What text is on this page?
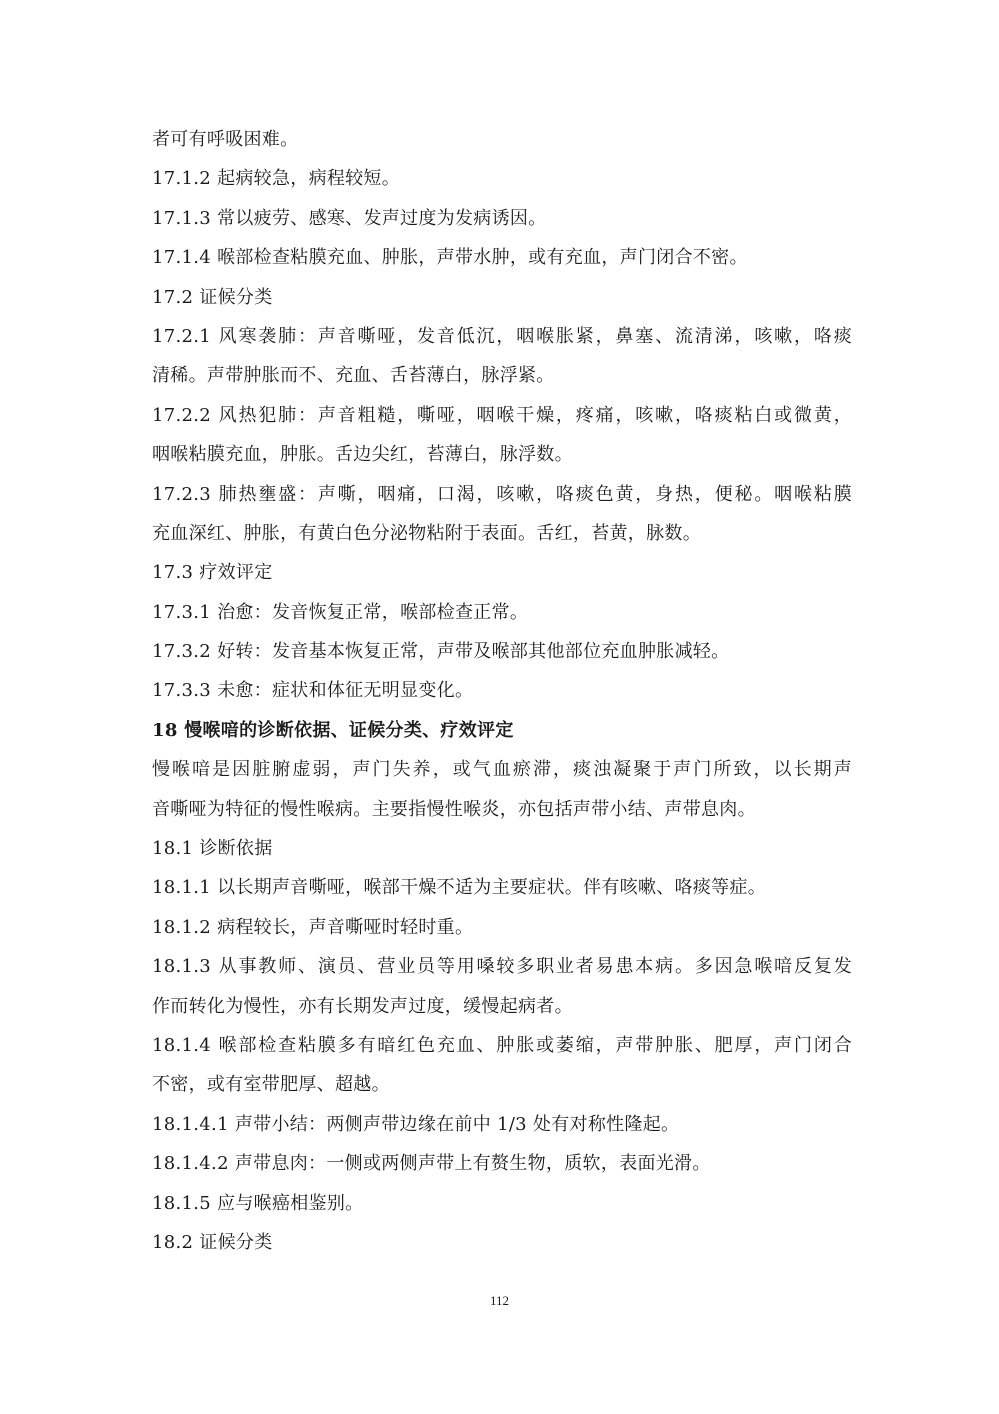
者可有呼吸困难。
17.1.2 起病较急，病程较短。
17.1.3 常以疲劳、感寒、发声过度为发病诱因。
17.1.4 喉部检查粘膜充血、肿胀，声带水肿，或有充血，声门闭合不密。
17.2 证候分类
17.2.1 风寒袭肺：声音嘶哑，发音低沉，咽喉胀紧，鼻塞、流清涕，咳嗽，咯痰
清稀。声带肿胀而不、充血、舌苔薄白，脉浮紧。
17.2.2 风热犯肺：声音粗糙，嘶哑，咽喉干燥，疼痛，咳嗽，咯痰粘白或微黄，
咽喉粘膜充血，肿胀。舌边尖红，苔薄白，脉浮数。
17.2.3 肺热壅盛：声嘶，咽痛，口渴，咳嗽，咯痰色黄，身热，便秘。咽喉粘膜
充血深红、肿胀，有黄白色分泌物粘附于表面。舌红，苔黄，脉数。
17.3 疗效评定
17.3.1 治愈：发音恢复正常，喉部检查正常。
17.3.2 好转：发音基本恢复正常，声带及喉部其他部位充血肿胀减轻。
17.3.3 未愈：症状和体征无明显变化。
18 慢喉喑的诊断依据、证候分类、疗效评定
慢喉喑是因脏腑虚弱，声门失养，或气血瘀滞，痰浊凝聚于声门所致，以长期声
音嘶哑为特征的慢性喉病。主要指慢性喉炎，亦包括声带小结、声带息肉。
18.1 诊断依据
18.1.1 以长期声音嘶哑，喉部干燥不适为主要症状。伴有咳嗽、咯痰等症。
18.1.2 病程较长，声音嘶哑时轻时重。
18.1.3 从事教师、演员、营业员等用嗓较多职业者易患本病。多因急喉喑反复发
作而转化为慢性，亦有长期发声过度，缓慢起病者。
18.1.4 喉部检查粘膜多有暗红色充血、肿胀或萎缩，声带肿胀、肥厚，声门闭合
不密，或有室带肥厚、超越。
18.1.4.1 声带小结：两侧声带边缘在前中 1/3 处有对称性隆起。
18.1.4.2 声带息肉：一侧或两侧声带上有赘生物，质软，表面光滑。
18.1.5 应与喉癌相鉴别。
18.2 证候分类
112
